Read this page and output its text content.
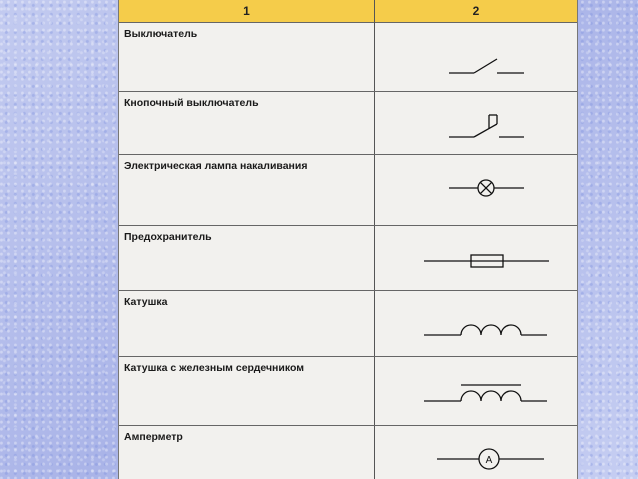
1	2
Выключатель
Кнопочный выключатель
Электрическая лампа накаливания
Предохранитель
Катушка
Катушка с железным сердечником
Амперметр
A
